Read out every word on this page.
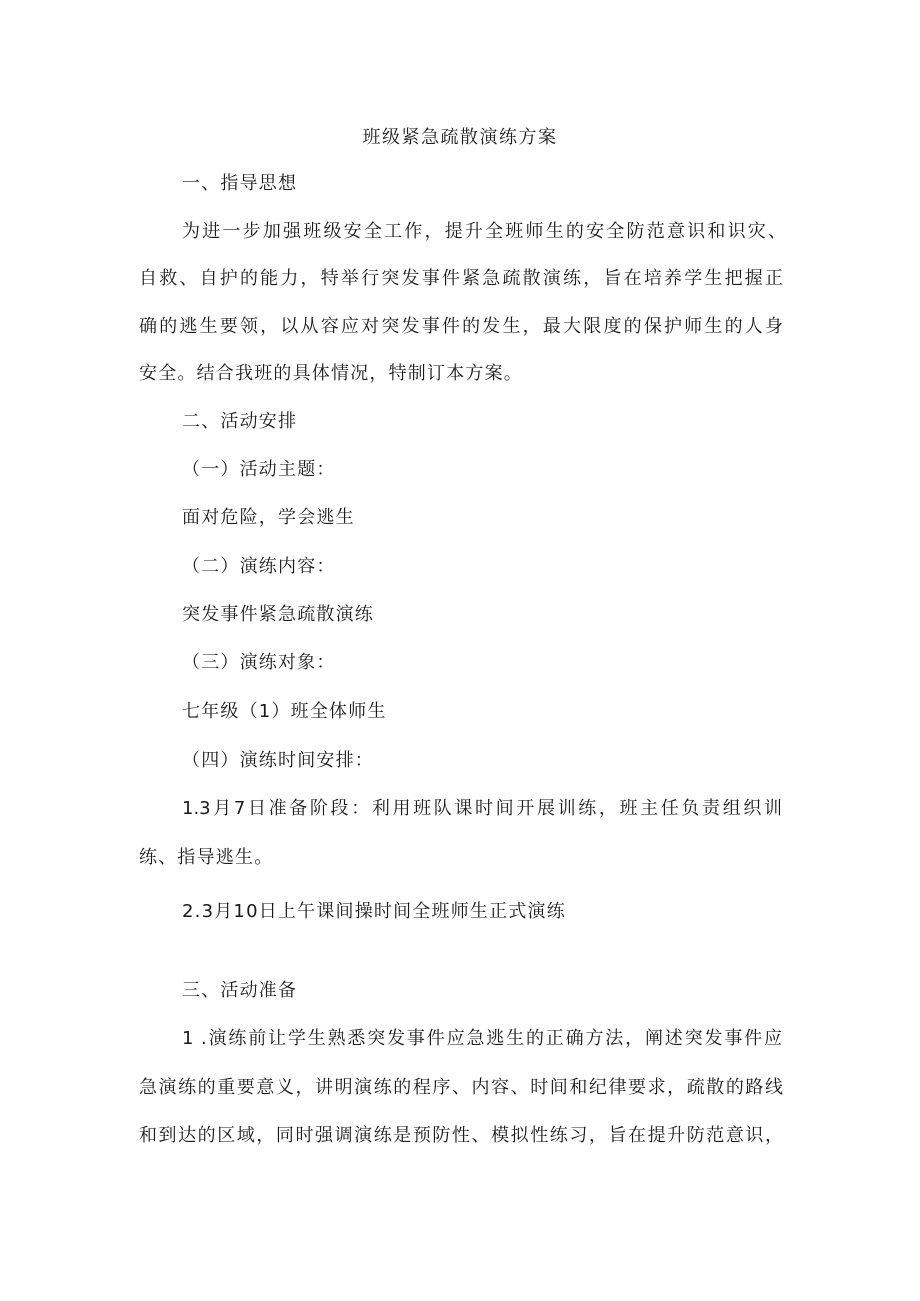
班级紧急疏散演练方案
一、指导思想
为进一步加强班级安全工作，提升全班师生的安全防范意识和识灾、
自救、自护的能力，特举行突发事件紧急疏散演练，旨在培养学生把握正
确的逃生要领，以从容应对突发事件的发生，最大限度的保护师生的人身
安全。结合我班的具体情况，特制订本方案。
二、活动安排
（一）活动主题：
面对危险，学会逃生
（二）演练内容：
突发事件紧急疏散演练
（三）演练对象：
七年级（1）班全体师生
（四）演练时间安排：
1.3月7日准备阶段：利用班队课时间开展训练，班主任负责组织训
练、指导逃生。
2.3月10日上午课间操时间全班师生正式演练
三、活动准备
1 .演练前让学生熟悉突发事件应急逃生的正确方法，阐述突发事件应
急演练的重要意义，讲明演练的程序、内容、时间和纪律要求，疏散的路线
和到达的区域，同时强调演练是预防性、模拟性练习，旨在提升防范意识，
